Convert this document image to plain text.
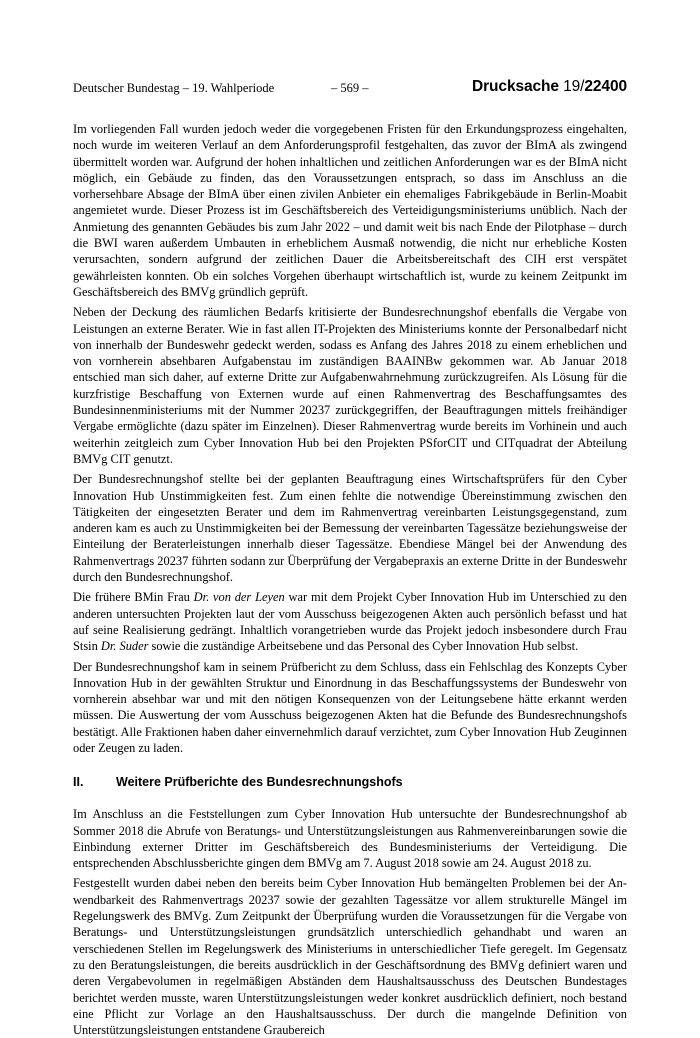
Deutscher Bundestag – 19. Wahlperiode	– 569 –	Drucksache 19/22400

Im vorliegenden Fall wurden jedoch weder die vorgegebenen Fristen für den Erkundungsprozess eingehalten, noch wurde im weiteren Verlauf an dem Anforderungsprofil festgehalten, das zuvor der BImA als zwingend übermittelt worden war. Aufgrund der hohen inhaltlichen und zeitlichen Anforderungen war es der BImA nicht möglich, ein Gebäude zu finden, das den Voraussetzungen entsprach, so dass im Anschluss an die vorhersehbare Absage der BImA über einen zivilen Anbieter ein ehemaliges Fabrikgebäude in Berlin-Moabit angemietet wurde. Dieser Prozess ist im Geschäftsbereich des Verteidigungsministeriums unüblich. Nach der Anmietung des genannten Gebäudes bis zum Jahr 2022 – und damit weit bis nach Ende der Pilotphase – durch die BWI waren außerdem Umbauten in erheblichem Ausmaß notwendig, die nicht nur erhebliche Kosten verursachten, sondern aufgrund der zeitlichen Dauer die Arbeitsbereitschaft des CIH erst verspätet gewährleisten konnten. Ob ein solches Vorgehen überhaupt wirtschaftlich ist, wurde zu keinem Zeitpunkt im Geschäftsbereich des BMVg gründlich geprüft.

Neben der Deckung des räumlichen Bedarfs kritisierte der Bundesrechnungshof ebenfalls die Vergabe von Leistungen an externe Berater. Wie in fast allen IT-Projekten des Ministeriums konnte der Personalbedarf nicht von innerhalb der Bundeswehr gedeckt werden, sodass es Anfang des Jahres 2018 zu einem erheblichen und von vornherein absehbaren Aufgabenstau im zuständigen BAAINBw gekommen war. Ab Januar 2018 entschied man sich daher, auf externe Dritte zur Aufgabenwahrnehmung zurückzugreifen. Als Lösung für die kurzfristige Beschaffung von Externen wurde auf einen Rahmenvertrag des Beschaffungsamtes des Bundesinnenministeriums mit der Nummer 20237 zurückgegriffen, der Beauftragungen mittels freihändiger Vergabe ermöglichte (dazu später im Einzelnen). Dieser Rahmenvertrag wurde bereits im Vorhinein und auch weiterhin zeitgleich zum Cyber Innovation Hub bei den Projekten PSforCIT und CITquadrat der Abteilung BMVg CIT genutzt.

Der Bundesrechnungshof stellte bei der geplanten Beauftragung eines Wirtschaftsprüfers für den Cyber Innovation Hub Unstimmigkeiten fest. Zum einen fehlte die notwendige Übereinstimmung zwischen den Tätigkeiten der eingesetzten Berater und dem im Rahmenvertrag vereinbarten Leistungsgegenstand, zum anderen kam es auch zu Unstimmigkeiten bei der Bemessung der vereinbarten Tagessätze beziehungsweise der Einteilung der Beraterleistungen innerhalb dieser Tagessätze. Ebendiese Mängel bei der Anwendung des Rahmenvertrags 20237 führten sodann zur Überprüfung der Vergabepraxis an externe Dritte in der Bundeswehr durch den Bundesrechnungshof.

Die frühere BMin Frau Dr. von der Leyen war mit dem Projekt Cyber Innovation Hub im Unterschied zu den anderen untersuchten Projekten laut der vom Ausschuss beigezogenen Akten auch persönlich befasst und hat auf seine Realisierung gedrängt. Inhaltlich vorangetrieben wurde das Projekt jedoch insbesondere durch Frau Stsin Dr. Suder sowie die zuständige Arbeitsebene und das Personal des Cyber Innovation Hub selbst.

Der Bundesrechnungshof kam in seinem Prüfbericht zu dem Schluss, dass ein Fehlschlag des Konzepts Cyber Innovation Hub in der gewählten Struktur und Einordnung in das Beschaffungssystems der Bundeswehr von vornherein absehbar war und mit den nötigen Konsequenzen von der Leitungsebene hätte erkannt werden müssen. Die Auswertung der vom Ausschuss beigezogenen Akten hat die Befunde des Bundesrechnungshofs bestätigt. Alle Fraktionen haben daher einvernehmlich darauf verzichtet, zum Cyber Innovation Hub Zeuginnen oder Zeugen zu laden.

II.	Weitere Prüfberichte des Bundesrechnungshofs

Im Anschluss an die Feststellungen zum Cyber Innovation Hub untersuchte der Bundesrechnungshof ab Sommer 2018 die Abrufe von Beratungs- und Unterstützungsleistungen aus Rahmenvereinbarungen sowie die Einbindung externer Dritter im Geschäftsbereich des Bundesministeriums der Verteidigung. Die entsprechenden Abschlussberichte gingen dem BMVg am 7. August 2018 sowie am 24. August 2018 zu.

Festgestellt wurden dabei neben den bereits beim Cyber Innovation Hub bemängelten Problemen bei der Anwendbarkeit des Rahmenvertrags 20237 sowie der gezahlten Tagessätze vor allem strukturelle Mängel im Regelungswerk des BMVg. Zum Zeitpunkt der Überprüfung wurden die Voraussetzungen für die Vergabe von Beratungs- und Unterstützungsleistungen grundsätzlich unterschiedlich gehandhabt und waren an verschiedenen Stellen im Regelungswerk des Ministeriums in unterschiedlicher Tiefe geregelt. Im Gegensatz zu den Beratungsleistungen, die bereits ausdrücklich in der Geschäftsordnung des BMVg definiert waren und deren Vergabevolumen in regelmäßigen Abständen dem Haushaltsausschuss des Deutschen Bundestages berichtet werden musste, waren Unterstützungsleistungen weder konkret ausdrücklich definiert, noch bestand eine Pflicht zur Vorlage an den Haushaltsausschuss. Der durch die mangelnde Definition von Unterstützungsleistungen entstandene Graubereich
